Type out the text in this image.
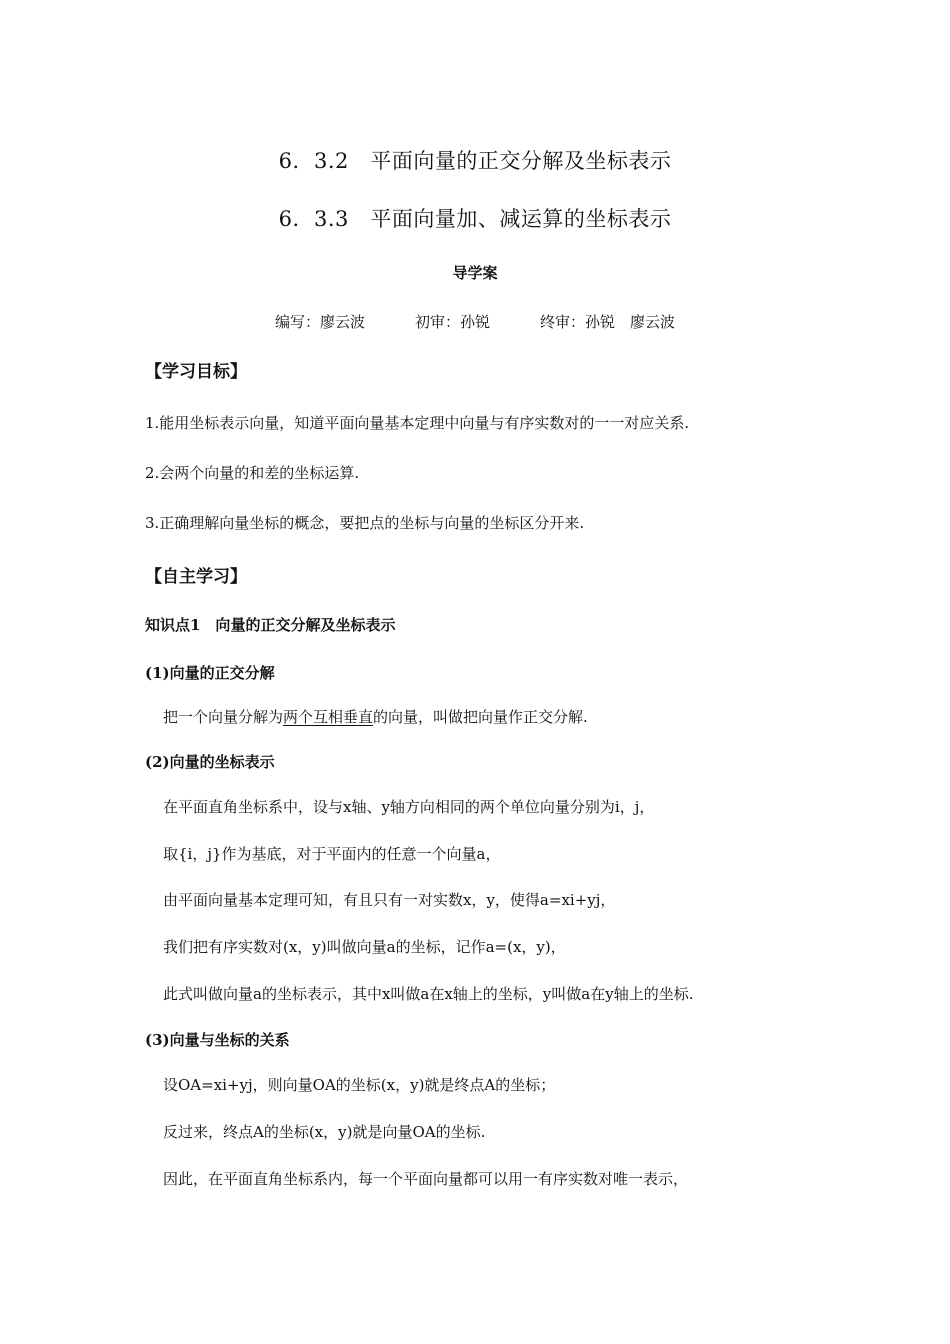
6．3.2　平面向量的正交分解及坐标表示
6．3.3　平面向量加、减运算的坐标表示
导学案
编写：廖云波	初审：孙锐	终审：孙锐　廖云波
【学习目标】
1.能用坐标表示向量，知道平面向量基本定理中向量与有序实数对的一一对应关系.
2.会两个向量的和差的坐标运算.
3.正确理解向量坐标的概念，要把点的坐标与向量的坐标区分开来.
【自主学习】
知识点1　向量的正交分解及坐标表示
(1)向量的正交分解
把一个向量分解为两个互相垂直的向量，叫做把向量作正交分解.
(2)向量的坐标表示
在平面直角坐标系中，设与x轴、y轴方向相同的两个单位向量分别为i，j，
取{i，j}作为基底，对于平面内的任意一个向量a，
由平面向量基本定理可知，有且只有一对实数x，y，使得a=xi+yj，
我们把有序实数对(x，y)叫做向量a的坐标，记作a=(x，y)，
此式叫做向量a的坐标表示，其中x叫做a在x轴上的坐标，y叫做a在y轴上的坐标.
(3)向量与坐标的关系
设OA=xi+yj，则向量OA的坐标(x，y)就是终点A的坐标；
反过来，终点A的坐标(x，y)就是向量OA的坐标.
因此，在平面直角坐标系内，每一个平面向量都可以用一有序实数对唯一表示，
